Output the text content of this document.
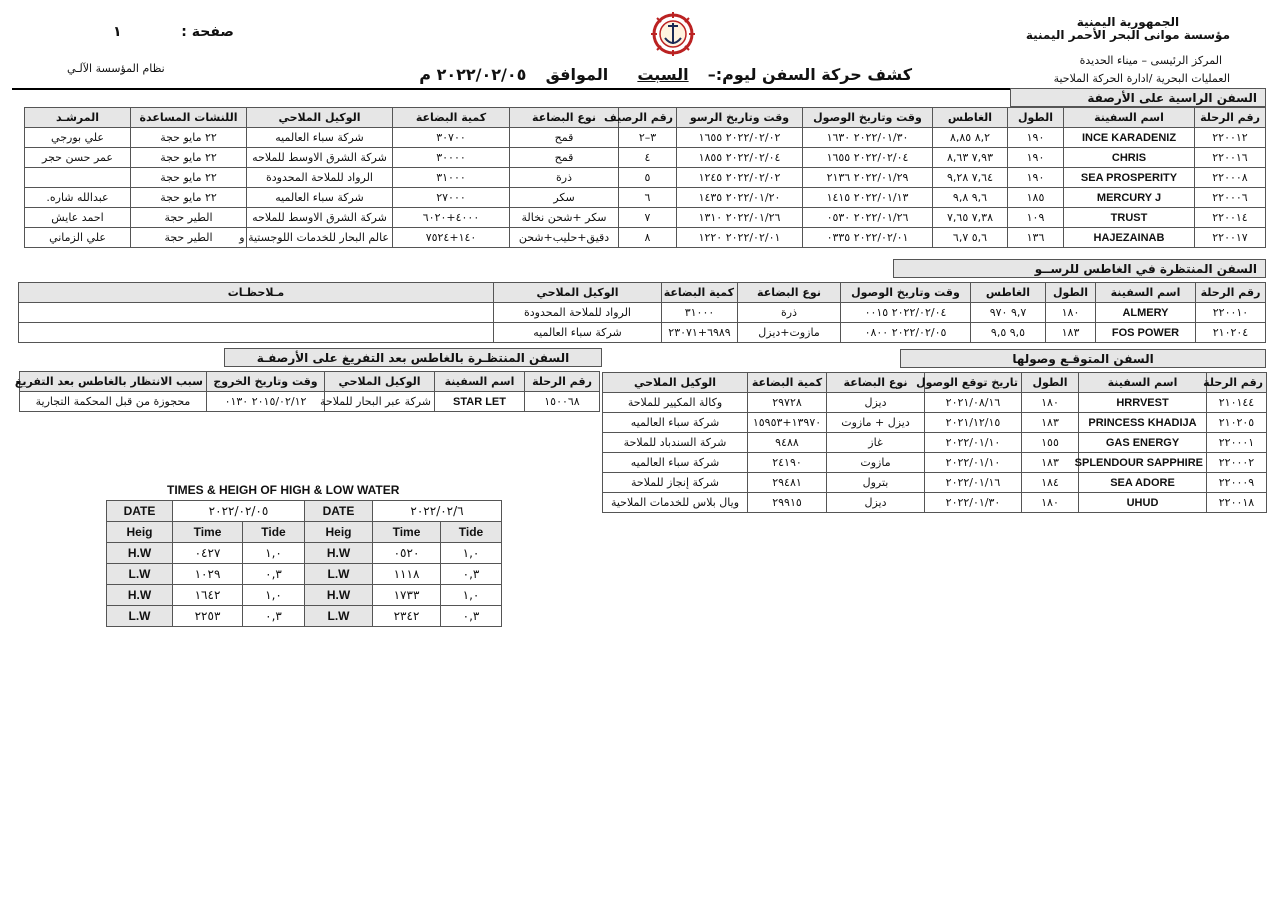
الجمهورية اليمنية
مؤسسة موانى البحر الأحمر اليمنية
المركز الرئيسى – ميناء الحديدة
العمليات البحرية /ادارة الحركة الملاحية
صفحة :  ١
نظام المؤسسة الآلـي	كشف حركة السفن ليوم:–  السبت  الموافق  ٢٠٢٢/٠٢/٠٥ م
السفن الراسية على الأرصفة
رقم الرحلة	اسم السفينة	الطول	الغاطس	وقت وتاريخ الوصول	وقت وتاريخ الرسو	رقم الرصيف	نوع البضاعة	كمية البضاعة	الوكيل الملاحي	اللنشات المساعدة	المرشـد
٢٢٠٠١٢	INCE KARADENIZ	١٩٠	٨,٢ ٨,٨٥	٢٠٢٢/٠١/٣٠ ١٦٣٠	٢٠٢٢/٠٢/٠٢ ١٦٥٥	٣–٢	قمح	٣٠٧٠٠	شركة سباء العالميه	٢٢ مايو حجة	علي بورجي
٢٢٠٠١٦	CHRIS	١٩٠	٧,٩٣ ٨,٦٣	٢٠٢٢/٠٢/٠٤ ١٦٥٥	٢٠٢٢/٠٢/٠٤ ١٨٥٥	٤	قمح	٣٠٠٠٠	شركة الشرق الاوسط للملاحه	٢٢ مايو حجة	عمر حسن حجر
٢٢٠٠٠٨	SEA PROSPERITY	١٩٠	٧,٦٤ ٩,٢٨	٢٠٢٢/٠١/٢٩ ٢١٣٦	٢٠٢٢/٠٢/٠٢ ١٢٤٥	٥	ذرة	٣١٠٠٠	الرواد للملاحة المحدودة	٢٢ مايو حجة	
٢٢٠٠٠٦	MERCURY J	١٨٥	٩,٦ ٩,٨	٢٠٢٢/٠١/١٣ ١٤١٥	٢٠٢٢/٠١/٢٠ ١٤٣٥	٦	سكر	٢٧٠٠٠	شركة سباء العالميه	٢٢ مايو حجة	عبدالله شاره.
٢٢٠٠١٤	TRUST	١٠٩	٧,٣٨ ٧,٦٥	٢٠٢٢/٠١/٢٦ ٠٥٣٠	٢٠٢٢/٠١/٢٦ ١٣١٠	٧	سكر +شحن نخالة	٤٠٠٠+٦٠٢٠	شركة الشرق الاوسط للملاحه	الطير حجة	احمد عايش
٢٢٠٠١٧	HAJEZAINAB	١٣٦	٥,٦ ٦,٧	٢٠٢٢/٠٢/٠١ ٠٣٣٥	٢٠٢٢/٠٢/٠١ ١٢٢٠	٨	دقيق+حليب+شحن	١٤٠+٧٥٢٤	عالم البحار للخدمات اللوجستية و	الطير حجة	علي الزماني
السفن المنتظرة في الغاطس للرســو
رقم الرحلة	اسم السفينة	الطول	الغاطس	وقت وتاريخ الوصول	نوع البضاعة	كمية البضاعة	الوكيل الملاحي	مـلاحظـات
٢٢٠٠١٠	ALMERY	١٨٠	٩,٧ ٩٧٠	٢٠٢٢/٠٢/٠٤ ٠٠١٥	ذرة	٣١٠٠٠	الرواد للملاحة المحدودة	
٢١٠٢٠٤	FOS POWER	١٨٣	٩,٥ ٩,٥	٢٠٢٢/٠٢/٠٥ ٠٨٠٠	مازوت+ديزل	٦٩٨٩+٢٣٠٧١	شركة سباء العالميه	
السفن المنتظـرة بالغاطس بعد التفريغ على الأرصفـة
رقم الرحلة	اسم السفينة	الوكيل الملاحي	وقت وتاريخ الخروج	سبب الانتظار بالغاطس بعد التفريغ
١٥٠٠٦٨	STAR LET	شركة عبر البحار للملاحة	٢٠١٥/٠٢/١٢ ٠١٣٠	محجوزة من قبل المحكمة التجارية
السفن المتوقـع وصولها
رقم الرحلة	اسم السفينة	الطول	تاريخ توقع الوصول	نوع البضاعة	كمية البضاعة	الوكيل الملاحي
٢١٠١٤٤	HRRVEST	١٨٠	٢٠٢١/٠٨/١٦	ديزل	٢٩٧٢٨	وكالة المكيير للملاحة
٢١٠٢٠٥	PRINCESS KHADIJA	١٨٣	٢٠٢١/١٢/١٥	ديزل + مازوت	١٣٩٧٠+١٥٩٥٣	شركة سباء العالميه
٢٢٠٠٠١	GAS ENERGY	١٥٥	٢٠٢٢/٠١/١٠	غاز	٩٤٨٨	شركة السندباد للملاحة
٢٢٠٠٠٢	SPLENDOUR SAPPHIRE	١٨٣	٢٠٢٢/٠١/١٠	مازوت	٢٤١٩٠	شركة سباء العالميه
٢٢٠٠٠٩	SEA ADORE	١٨٤	٢٠٢٢/٠١/١٦	بترول	٢٩٤٨١	شركة إنجاز للملاحة
٢٢٠٠١٨	UHUD	١٨٠	٢٠٢٢/٠١/٣٠	ديزل	٢٩٩١٥	ويال بلاس للخدمات الملاحية
TIMES & HEIGH OF HIGH & LOW WATER
DATE	٢٠٢٢/٠٢/٠٥	
Heig	Time	Tide
H.W	٠٤٢٧	١,٠
L.W	١٠٢٩	٠,٣
H.W	١٦٤٢	١,٠
L.W	٢٢٥٣	٠,٣
DATE	٢٠٢٢/٠٢/٦	
Heig	Time	Tide
H.W	٠٥٢٠	١,٠
L.W	١١١٨	٠,٣
H.W	١٧٣٣	١,٠
L.W	٢٣٤٢	٠,٣
